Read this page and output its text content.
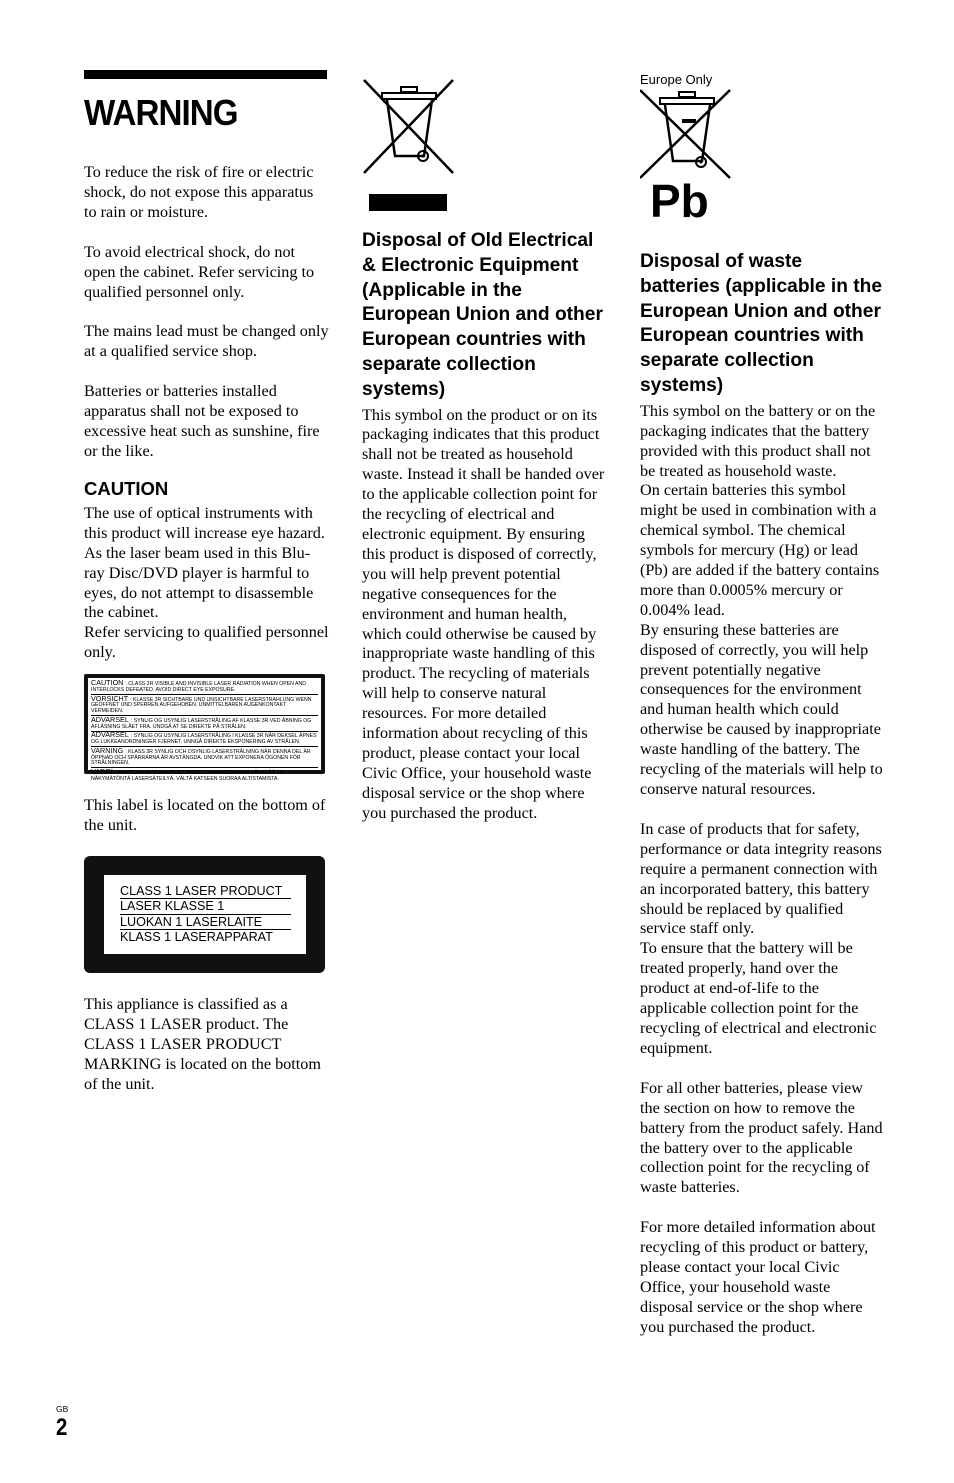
WARNING

To reduce the risk of fire or electric shock, do not expose this apparatus to rain or moisture.

To avoid electrical shock, do not open the cabinet. Refer servicing to qualified personnel only.

The mains lead must be changed only at a qualified service shop.

Batteries or batteries installed apparatus shall not be exposed to excessive heat such as sunshine, fire or the like.

CAUTION

The use of optical instruments with this product will increase eye hazard. As the laser beam used in this Blu-ray Disc/DVD player is harmful to eyes, do not attempt to disassemble the cabinet.

Refer servicing to qualified personnel only.

CAUTION : CLASS 3R VISIBLE AND INVISIBLE LASER RADIATION WHEN OPEN AND INTERLOCKS DEFEATED. AVOID DIRECT EYE EXPOSURE.
VORSICHT : KLASSE 3R SICHTBARE UND UNSICHTBARE LASERSTRAHLUNG WENN GEÖFFNET UND SPERREN AUFGEHOBEN. UNMITTELBAREN AUGENKONTAKT VERMEIDEN.
ADVARSEL : SYNLIG OG USYNLIG LASERSTRÅLING AF KLASSE 3R VED ÅBNING OG AFLÅSNING SLÅET FRA. UNDGÅ AT SE DIREKTE PÅ STRÅLEN.
ADVARSEL : SYNLIG OG USYNLIG LASERSTRÅLING I KLASSE 3R NÅR DEKSEL ÅPNES OG LUKKEANORDNINGER FJERNET. UNNGÅ DIREKTE EKSPONERING AV STRÅLEN.
VARNING : KLASS 3R SYNLIG OCH OSYNLIG LASERSTRÅLNING NÄR DENNA DEL ÄR ÖPPNAD OCH SPÄRRARNA ÄR AVSTÄNGDA. UNDVIK ATT EXPONERA ÖGONEN FÖR STRÅLNINGEN.
VARO! : AVATTUNA JA LUKITUKSET OHITETTUNA LUOKAN 3R NÄKYVÄÄ JA NÄKYMÄTÖNTÄ LASERSÄTEILYÄ. VÄLTÄ KATSEEN SUORAA ALTISTAMISTA.

This label is located on the bottom of the unit.

CLASS 1 LASER PRODUCT
LASER KLASSE 1
LUOKAN 1 LASERLAITE
KLASS 1 LASERAPPARAT

This appliance is classified as a CLASS 1 LASER product. The CLASS 1 LASER PRODUCT MARKING is located on the bottom of the unit.

Disposal of Old Electrical & Electronic Equipment (Applicable in the European Union and other European countries with separate collection systems)

This symbol on the product or on its packaging indicates that this product shall not be treated as household waste. Instead it shall be handed over to the applicable collection point for the recycling of electrical and electronic equipment. By ensuring this product is disposed of correctly, you will help prevent potential negative consequences for the environment and human health, which could otherwise be caused by inappropriate waste handling of this product. The recycling of materials will help to conserve natural resources. For more detailed information about recycling of this product, please contact your local Civic Office, your household waste disposal service or the shop where you purchased the product.

Europe Only
Pb
Disposal of waste batteries (applicable in the European Union and other European countries with separate collection systems)

This symbol on the battery or on the packaging indicates that the battery provided with this product shall not be treated as household waste.

On certain batteries this symbol might be used in combination with a chemical symbol. The chemical symbols for mercury (Hg) or lead (Pb) are added if the battery contains more than 0.0005% mercury or 0.004% lead.

By ensuring these batteries are disposed of correctly, you will help prevent potentially negative consequences for the environment and human health which could otherwise be caused by inappropriate waste handling of the battery. The recycling of the materials will help to conserve natural resources.

In case of products that for safety, performance or data integrity reasons require a permanent connection with an incorporated battery, this battery should be replaced by qualified service staff only.

To ensure that the battery will be treated properly, hand over the product at end-of-life to the applicable collection point for the recycling of electrical and electronic equipment.

For all other batteries, please view the section on how to remove the battery from the product safely. Hand the battery over to the applicable collection point for the recycling of waste batteries.

For more detailed information about recycling of this product or battery, please contact your local Civic Office, your household waste disposal service or the shop where you purchased the product.

GB
2
